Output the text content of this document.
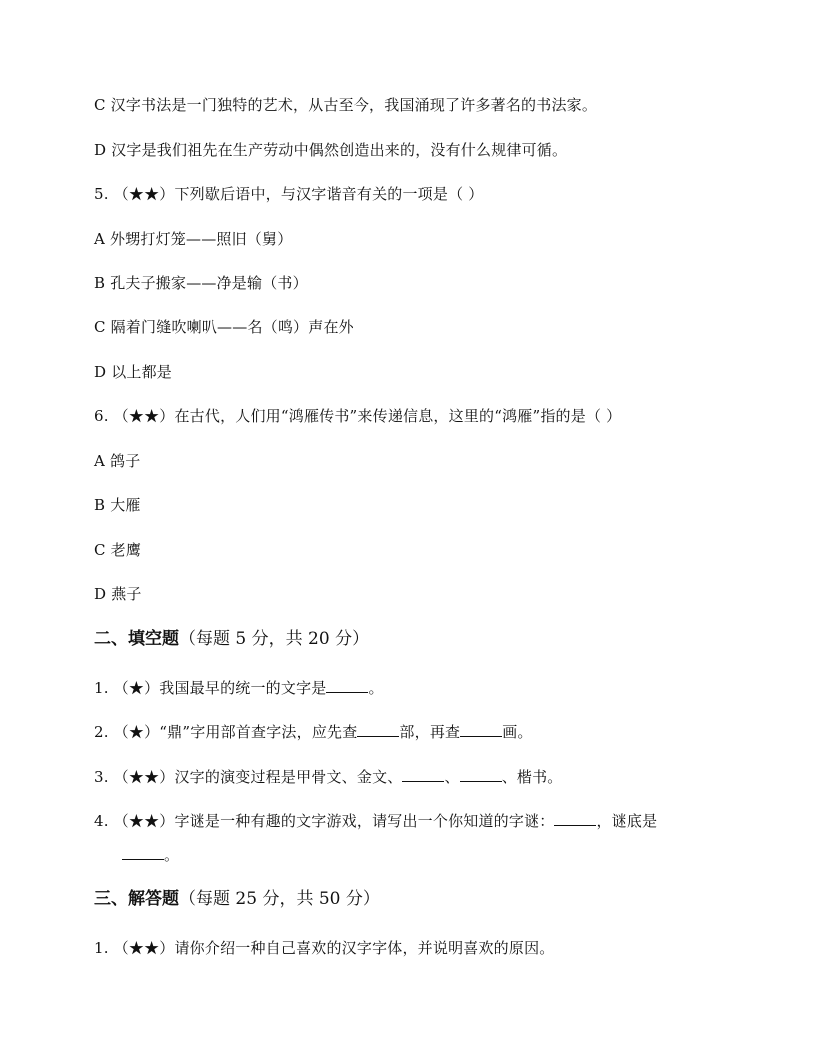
C 汉字书法是一门独特的艺术，从古至今，我国涌现了许多著名的书法家。
D 汉字是我们祖先在生产劳动中偶然创造出来的，没有什么规律可循。
5. （★★）下列歇后语中，与汉字谐音有关的一项是（ ）
A 外甥打灯笼——照旧（舅）
B 孔夫子搬家——净是输（书）
C 隔着门缝吹喇叭——名（鸣）声在外
D 以上都是
6. （★★）在古代，人们用“鸿雁传书”来传递信息，这里的“鸿雁”指的是（ ）
A 鸽子
B 大雁
C 老鹰
D 燕子
二、填空题（每题 5 分，共 20 分）
1. （★）我国最早的统一的文字是	。
2. （★）“鼎”字用部首查字法，应先查	部，再查	画。
3. （★★）汉字的演变过程是甲骨文、金文、	、	、楷书。
4. （★★）字谜是一种有趣的文字游戏，请写出一个你知道的字谜：	，谜底是
。
三、解答题（每题 25 分，共 50 分）
1. （★★）请你介绍一种自己喜欢的汉字字体，并说明喜欢的原因。
